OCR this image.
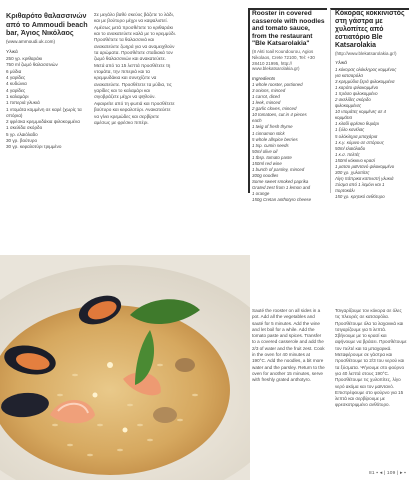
Κριθαρότο θαλασσινών από το Ammoudi beach bar, Άγιος Νικόλαος
(www.ammoudi.uk.com)
Υλικά
250 γρ. κριθαράκι
750 ml ζωμό θαλασσινών
6 μύδια
4 γαρίδες
4 κυδώνια
4 γαρίδες
1 καλαμάρι
1 πιπεριά γλυκιά
1 ντομάτα κομμένη σε καρέ (χωρίς τα
σπόρια)
2 φρέσκα κρεμμυδάκια ψιλοκομμένα
1 σκελίδα σκόρδο
5 γρ. ελαιόλαδο
30 γρ. βούτυρο
30 γρ. κεφαλοτύρι τριμμένο

Σε μεγάλο βαθύ σκεύος βάζετε το λάδι, και με βούτυρο μέχρι να καψαλιστεί. Αμέσως μετά προσθέτετε το κριθαράκι και το ανακατεύετε καλά με το κρεμμύδι. Προσθέτετε τα θαλασσινά και ανακατεύετε ζωηρά για να αναμειχθούν τα αρώματα. Προσθέτετε σταδιακά τον ζωμό θαλασσινών και ανακατεύετε. Μετά από τα 15 λεπτά προσθέτετε τη ντομάτα, την πιπεριά και τα κρεμμυδάκια και συνεχίζετε να ανακατεύετε. Προσθέτετε τα μύδια, τις γαρίδες και το καλαμάρι και σιγοβράζετε μέχρι να ψηθούν. Αφαιρείτε από τη φωτιά και προσθέτετε βούτυρο και κεφαλοτύρι. Ανακατεύετε να γίνει κρεμώδες και σερβίρετε αμέσως με φρέσκο πιπέρι.

Rooster in covered casserole with noodles and tomato sauce, from the restaurant "Ble Katsarolakia"
(8 Akti Ioail Koundourou, Agios Nikolaos, Crete 72100, Tel: +30 28410 21995, http:// www.blekatsarolakia.gr)
Ingredients
1 whole rooster, portioned
3 onions, minced
1 carrot, diced
1 leek, minced
2 garlic cloves, minced
10 tomatoes, cut in 4 pieces
each
1 twig of fresh thyme
1 cinnamon stick
5 whole allspice berries
1 tsp. cumin seeds
50ml olive oil
1 tbsp. tomato paste
150ml red wine
1 bunch of parsley, minced
300g noodles
Some sweet smoked paprika
Grated zest from 1 lemon and
1 orange
150g Cretan anthotyro cheese

Sauté the rooster on all sides in a pot. Add all the vegetables and sauté for 5 minutes. Add the wine and let boil for a while. Add the tomato paste and spices. Transfer to a covered casserole and add the 2/3 of water and the fruit zest. Cook in the oven for 40 minutes at 190°C. Add the noodles, a bit more water and the parsley. Return to the oven for another 15 minutes, serve with freshly grated anthotyro.

Κόκορας κοκκινιστός στη γάστρα με χυλοπίτες από εστιατόριο Ble Katsarolakia
(http://www.blekatsarolakia.gr/)
Υλικά
1 κόκορας ολόκληρος κομμένος
για κατσαρόλα
3 κρεμμύδια ξερά ψιλοκομμένα
1 καρότο ψιλοκομμένο
1 πράσο ψιλοκομμένο
2 σκελίδες σκόρδο
ψιλοκομμένες
10 ντομάτες κομμένες σε 4
κομμάτια
1 κλαδί φρέσκο θυμάρι
1 ξύλο κανέλας
5 ολόκληρα μπαχάρια
1 κ.γ. κύμινο σε σπόρους
50ml ελαιόλαδο
1 κ.σ. πελτές
150ml κόκκινο κρασί
1 ματσο μαϊντανό ψιλοκομμένο
300 γρ. χυλοπίτες
Λίγη πάπρικα καπνιστή γλυκιά
Ξύσμα από 1 λεμόνι και 1
πορτοκάλι
150 γρ. κρητικό ανθότυρο

Τσιγαρίζουμε τον κόκορα σε όλες τις πλευρές σε κατσαρόλα. Προσθέτουμε όλα τα λαχανικά και τσιγαρίζουμε για 5 λεπτά. Σβήνουμε με το κρασί και αφήνουμε να βράσει. Προσθέτουμε τον πελτέ και τα μπαχαρικά. Μεταφέρουμε σε γάστρα και προσθέτουμε τα 2/3 του νερού και τα ξύσματα. Ψήνουμε στο φούρνο για 40 λεπτά στους 190°C. Προσθέτουμε τις χυλοπίτες, λίγο νερό ακόμα και τον μαϊντανό. Επιστρέφουμε στο φούρνο για 15 λεπτά και σερβίρουμε με φρεσκοτριμμένο ανθότυρο.

81 ▪ ◂ | 109 | ▸ ▪
